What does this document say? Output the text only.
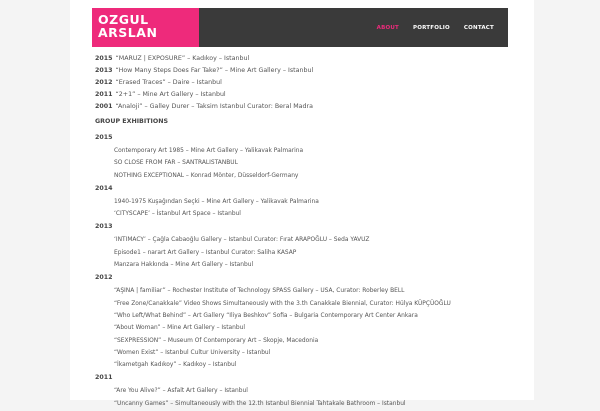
OZGUL
ARSLAN	ABOUT	PORTFOLIO	CONTACT
2015 “MARUZ | EXPOSURE” – Kadıkoy – Istanbul
2013 “How Many Steps Does Far Take?” – Mine Art Gallery – Istanbul
2012 “Erased Traces” – Daire – Istanbul
2011 “2+1” – Mine Art Gallery – Istanbul
2001 “Analoji” – Galley Durer – Taksim Istanbul Curator: Beral Madra
GROUP EXHIBITIONS
2015
Contemporary Art 1985 – Mine Art Gallery – Yalikavak Palmarina
SO CLOSE FROM FAR – SANTRALISTANBUL
NOTHING EXCEPTIONAL – Konrad Mönter, Düsseldorf-Germany
2014
1940-1975 Kuşağından Seçki – Mine Art Gallery – Yalikavak Palmarina
‘CITYSCAPE’ – İstanbul Art Space – Istanbul
2013
‘INTIMACY’ – Çağla Cabaoğlu Gallery – Istanbul Curator: Fırat ARAPOĞLU – Seda YAVUZ
Episode1 – narart Art Gallery – Istanbul Curator: Saliha KASAP
Manzara Hakkında – Mine Art Gallery – Istanbul
2012
“AŞINA | familiar” – Rochester Institute of Technology SPASS Gallery – USA, Curator: Roberley BELL
“Free Zone/Canakkale” Video Shows Simultaneously with the 3.th Canakkale Biennial, Curator: Hülya KÜPÇÜOĞLU
“Who Left/What Behind” – Art Gallery “Iliya Beshkov” Sofia – Bulgaria Contemporary Art Center Ankara
“About Woman” – Mine Art Gallery – Istanbul
“SEXPRESSION” – Museum Of Contemporary Art – Skopje, Macedonia
“Women Exist” – Istanbul Cultur University – Istanbul
“İkametgah Kadıkoy” – Kadıkoy – Istanbul
2011
“Are You Alive?” – Asfalt Art Gallery – Istanbul
“Uncanny Games” – Simultaneously with the 12.th Istanbul Biennial Tahtakale Bathroom – Istanbul
